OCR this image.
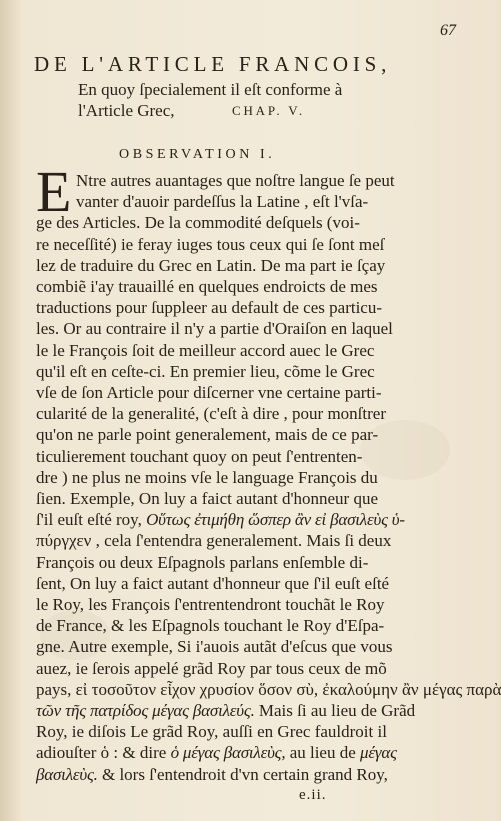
67
DE L'ARTICLE FRANCOIS,
En quoy ſpecialement il eſt conforme à
l'Article Grec,	CHAP. V.
OBSERVATION I.
E Ntre autres auantages que noſtre langue ſe peut
vanter d'auoir pardeſſus la Latine , eſt l'vſa-
ge des Articles. De la commodité deſquels (voi-
re neceſſité) ie feray iuges tous ceux qui ſe ſont meſ
lez de traduire du Grec en Latin. De ma part ie ſçay
combiẽ i'ay trauaillé en quelques endroicts de mes
traductions pour ſuppleer au default de ces particu-
les. Or au contraire il n'y a partie d'Oraiſon en laquel
le le François ſoit de meilleur accord auec le Grec
qu'il eſt en ceſte-ci. En premier lieu, cõme le Grec
vſe de ſon Article pour diſcerner vne certaine parti-
cularité de la generalité, (c'eſt à dire , pour monſtrer
qu'on ne parle point generalement, mais de ce par-
ticulierement touchant quoy on peut ſ'entrenten-
dre ) ne plus ne moins vſe le language François du
ſien. Exemple, On luy a faict autant d'honneur que
ſ'il euſt eſté roy, Οὕτως ἐτιμήθη ὥσπερ ἂν εἰ βασιλεὺς ὑ-
πύργχεν , cela ſ'entendra generalement. Mais ſi deux
François ou deux Eſpagnols parlans enſemble di-
ſent, On luy a faict autant d'honneur que ſ'il euſt eſté
le Roy, les François ſ'entrentendront touchãt le Roy
de France, & les Eſpagnols touchant le Roy d'Eſpa-
gne. Autre exemple, Si i'auois autãt d'eſcus que vous
auez, ie ſerois appelé grãd Roy par tous ceux de mõ
pays, εἰ τοσοῦτον εἶχον χρυσίον ὅσον σὺ, ἐκαλούμην ἂν μέγας παρὰ
τῶν τῆς πατρίδος μέγας βασιλεύς. Mais ſi au lieu de Grãd
Roy, ie diſois Le grãd Roy, auſſi en Grec fauldroit il
e.ii.
adiouſter ὁ : & dire ὁ μέγας βασιλεὺς, au lieu de μέγας
βασιλεὺς. & lors ſ'entendroit d'vn certain grand Roy,
